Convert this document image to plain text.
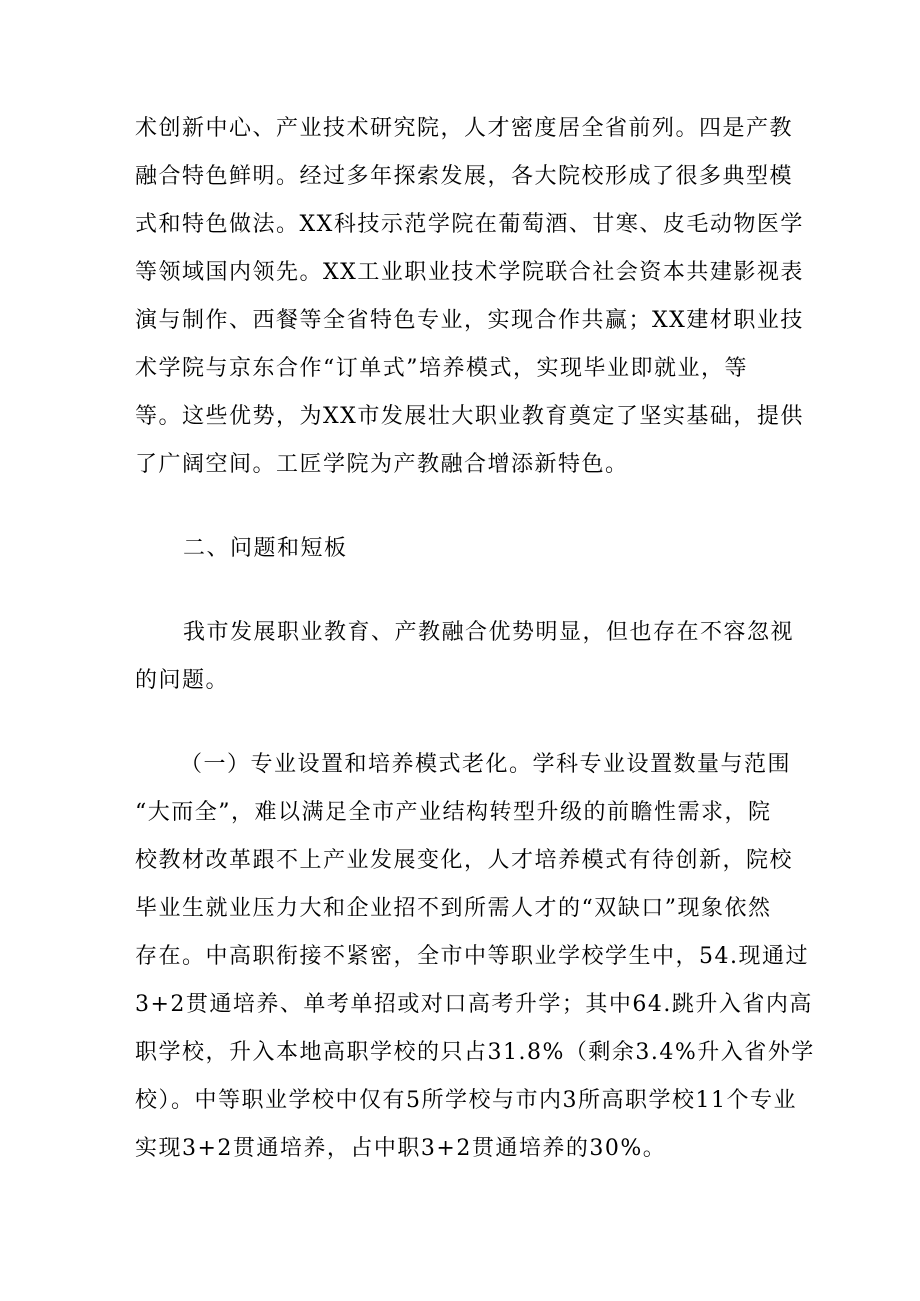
术创新中心、产业技术研究院，人才密度居全省前列。四是产教
融合特色鲜明。经过多年探索发展，各大院校形成了很多典型模
式和特色做法。XX科技示范学院在葡萄酒、甘寒、皮毛动物医学
等领域国内领先。XX工业职业技术学院联合社会资本共建影视表
演与制作、西餐等全省特色专业，实现合作共赢；XX建材职业技
术学院与京东合作“订单式”培养模式，实现毕业即就业，等
等。这些优势，为XX市发展壮大职业教育奠定了坚实基础，提供
了广阔空间。工匠学院为产教融合增添新特色。
二、问题和短板
我市发展职业教育、产教融合优势明显，但也存在不容忽视
的问题。
（一）专业设置和培养模式老化。学科专业设置数量与范围
“大而全”，难以满足全市产业结构转型升级的前瞻性需求，院
校教材改革跟不上产业发展变化，人才培养模式有待创新，院校
毕业生就业压力大和企业招不到所需人才的“双缺口”现象依然
存在。中高职衔接不紧密，全市中等职业学校学生中，54.现通过
3+2贯通培养、单考单招或对口高考升学；其中64.跳升入省内高
职学校，升入本地高职学校的只占31.8%（剩余3.4%升入省外学
校）。中等职业学校中仅有5所学校与市内3所高职学校11个专业
实现3+2贯通培养，占中职3+2贯通培养的30%。
